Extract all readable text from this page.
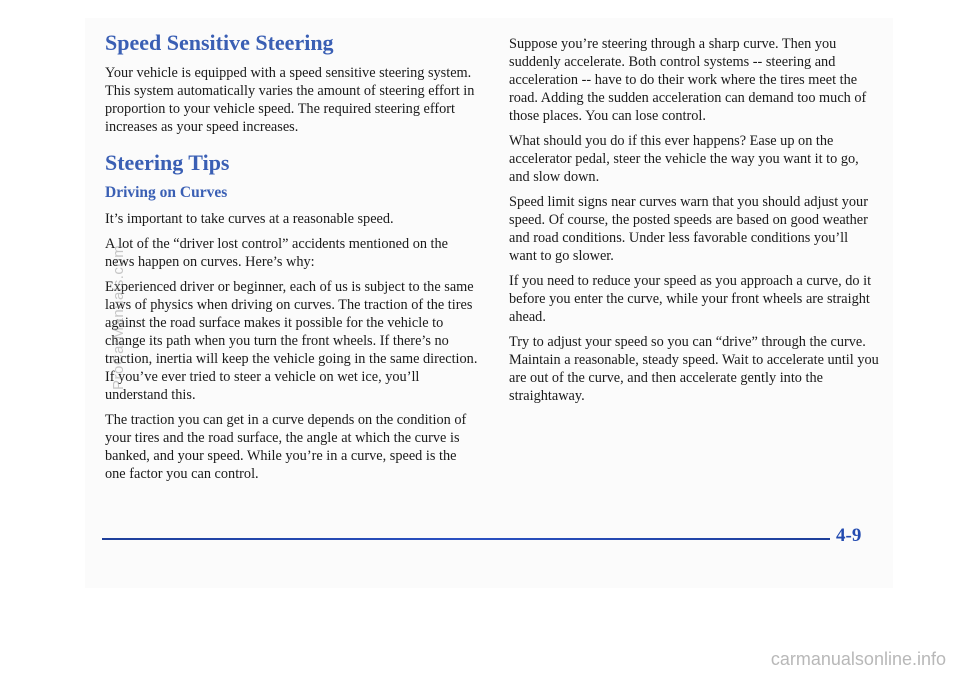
Speed Sensitive Steering

Your vehicle is equipped with a speed sensitive steering system. This system automatically varies the amount of steering effort in proportion to your vehicle speed. The required steering effort increases as your speed increases.

Steering Tips
Driving on Curves

It’s important to take curves at a reasonable speed.

A lot of the “driver lost control” accidents mentioned on the news happen on curves. Here’s why:

Experienced driver or beginner, each of us is subject to the same laws of physics when driving on curves. The traction of the tires against the road surface makes it possible for the vehicle to change its path when you turn the front wheels. If there’s no traction, inertia will keep the vehicle going in the same direction. If you’ve ever tried to steer a vehicle on wet ice, you’ll understand this.

The traction you can get in a curve depends on the condition of your tires and the road surface, the angle at which the curve is banked, and your speed. While you’re in a curve, speed is the one factor you can control.

Suppose you’re steering through a sharp curve. Then you suddenly accelerate. Both control systems -- steering and acceleration -- have to do their work where the tires meet the road. Adding the sudden acceleration can demand too much of those places. You can lose control.

What should you do if this ever happens? Ease up on the accelerator pedal, steer the vehicle the way you want it to go, and slow down.

Speed limit signs near curves warn that you should adjust your speed. Of course, the posted speeds are based on good weather and road conditions. Under less favorable conditions you’ll want to go slower.

If you need to reduce your speed as you approach a curve, do it before you enter the curve, while your front wheels are straight ahead.

Try to adjust your speed so you can “drive” through the curve. Maintain a reasonable, steady speed. Wait to accelerate until you are out of the curve, and then accelerate gently into the straightaway.

ProCarManuals.com
4-9
carmanualsonline.info
